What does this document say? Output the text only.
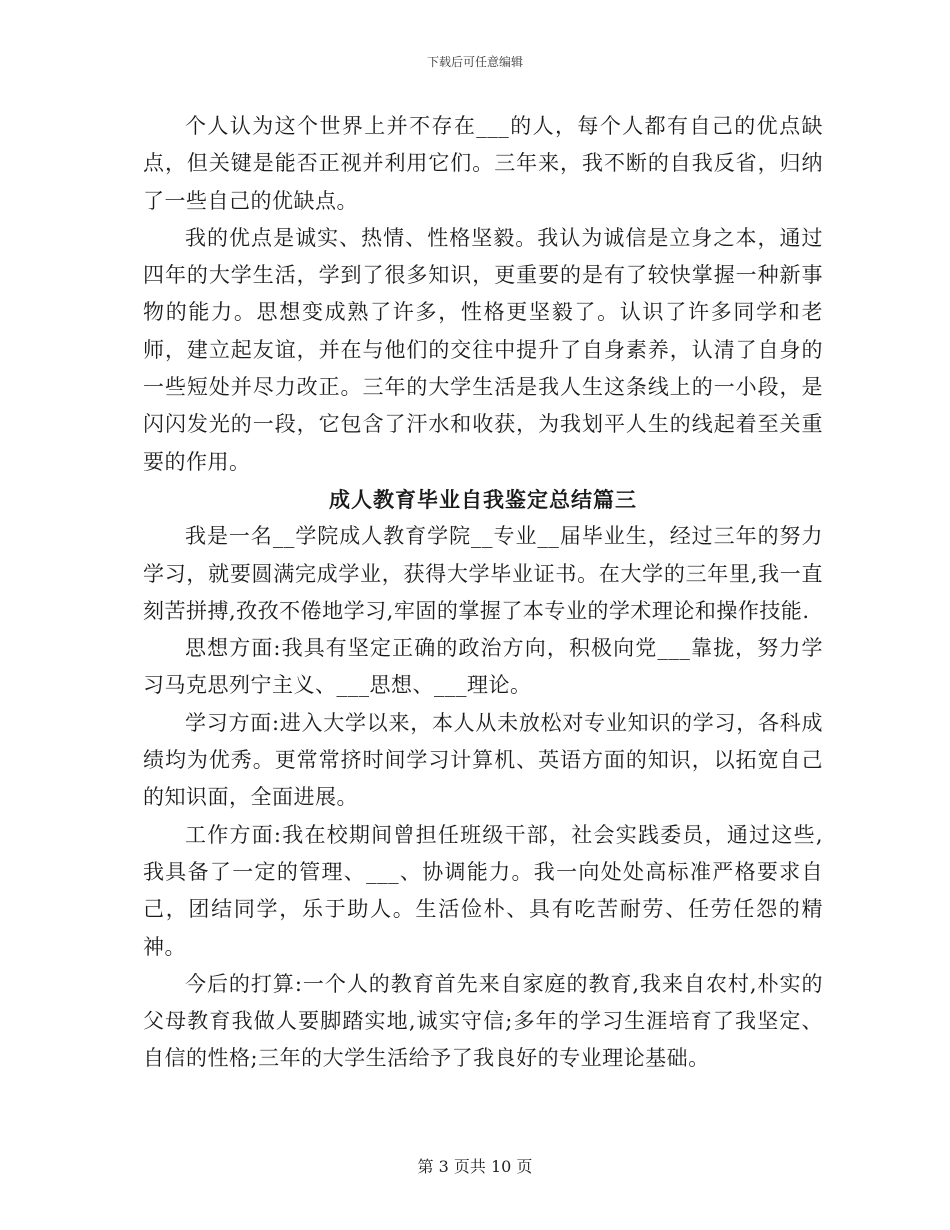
下载后可任意编辑

个人认为这个世界上并不存在___的人，每个人都有自己的优点缺点，但关键是能否正视并利用它们。三年来，我不断的自我反省，归纳了一些自己的优缺点。

我的优点是诚实、热情、性格坚毅。我认为诚信是立身之本，通过四年的大学生活，学到了很多知识，更重要的是有了较快掌握一种新事物的能力。思想变成熟了许多，性格更坚毅了。认识了许多同学和老师，建立起友谊，并在与他们的交往中提升了自身素养，认清了自身的一些短处并尽力改正。三年的大学生活是我人生这条线上的一小段，是闪闪发光的一段，它包含了汗水和收获，为我划平人生的线起着至关重要的作用。

成人教育毕业自我鉴定总结篇三

我是一名__学院成人教育学院__专业__届毕业生，经过三年的努力学习，就要圆满完成学业，获得大学毕业证书。在大学的三年里,我一直刻苦拼搏,孜孜不倦地学习,牢固的掌握了本专业的学术理论和操作技能.

思想方面:我具有坚定正确的政治方向，积极向党___靠拢，努力学习马克思列宁主义、___思想、___理论。

学习方面:进入大学以来，本人从未放松对专业知识的学习，各科成绩均为优秀。更常常挤时间学习计算机、英语方面的知识，以拓宽自己的知识面，全面进展。

工作方面:我在校期间曾担任班级干部，社会实践委员，通过这些,我具备了一定的管理、___、协调能力。我一向处处高标准严格要求自己，团结同学，乐于助人。生活俭朴、具有吃苦耐劳、任劳任怨的精神。

今后的打算:一个人的教育首先来自家庭的教育,我来自农村,朴实的父母教育我做人要脚踏实地,诚实守信;多年的学习生涯培育了我坚定、自信的性格;三年的大学生活给予了我良好的专业理论基础。

第 3 页共 10 页
